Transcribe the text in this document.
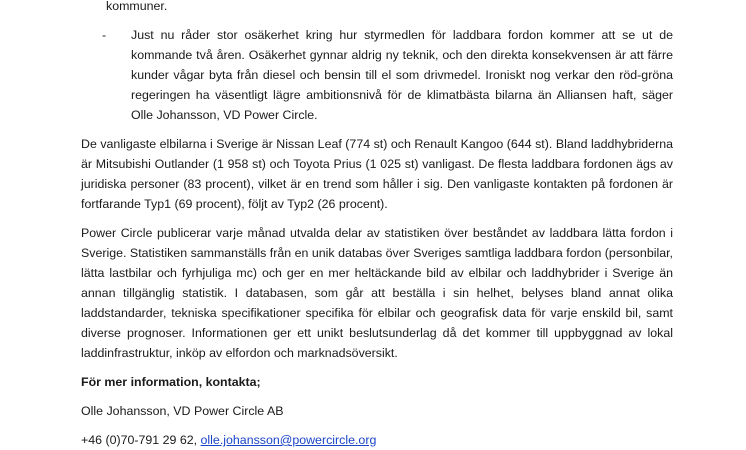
kommuner.

-	Just nu råder stor osäkerhet kring hur styrmedlen för laddbara fordon kommer att se ut de kommande två åren. Osäkerhet gynnar aldrig ny teknik, och den direkta konsekvensen är att färre kunder vågar byta från diesel och bensin till el som drivmedel. Ironiskt nog verkar den röd-gröna regeringen ha väsentligt lägre ambitionsnivå för de klimatbästa bilarna än Alliansen haft, säger Olle Johansson, VD Power Circle.

De vanligaste elbilarna i Sverige är Nissan Leaf (774 st) och Renault Kangoo (644 st). Bland laddhybriderna är Mitsubishi Outlander (1 958 st) och Toyota Prius (1 025 st) vanligast. De flesta laddbara fordonen ägs av juridiska personer (83 procent), vilket är en trend som håller i sig. Den vanligaste kontakten på fordonen är fortfarande Typ1 (69 procent), följt av Typ2 (26 procent).

Power Circle publicerar varje månad utvalda delar av statistiken över beståndet av laddbara lätta fordon i Sverige. Statistiken sammanställs från en unik databas över Sveriges samtliga laddbara fordon (personbilar, lätta lastbilar och fyrhjuliga mc) och ger en mer heltäckande bild av elbilar och laddhybrider i Sverige än annan tillgänglig statistik. I databasen, som går att beställa i sin helhet, belyses bland annat olika laddstandarder, tekniska specifikationer specifika för elbilar och geografisk data för varje enskild bil, samt diverse prognoser. Informationen ger ett unikt beslutsunderlag då det kommer till uppbyggnad av lokal laddinfrastruktur, inköp av elfordon och marknadsöversikt.

För mer information, kontakta;

Olle Johansson, VD Power Circle AB

+46 (0)70-791 29 62, olle.johansson@powercircle.org
